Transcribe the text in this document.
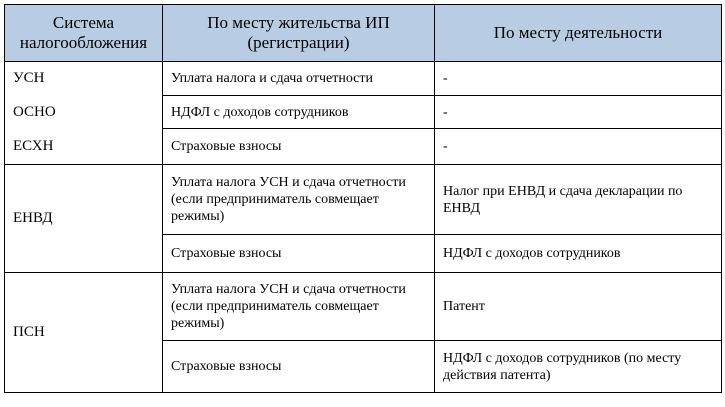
Система налогообложения	По месту жительства ИП (регистрации)	По месту деятельности
УСН	Уплата налога и сдача отчетности	-
ОСНО	НДФЛ с доходов сотрудников	-
ЕСХН	Страховые взносы	-
ЕНВД	Уплата налога УСН и сдача отчетности (если предприниматель совмещает режимы)	Налог при ЕНВД и сдача декларации по ЕНВД
	Страховые взносы	НДФЛ с доходов сотрудников
ПСН	Уплата налога УСН и сдача отчетности (если предприниматель совмещает режимы)	Патент
	Страховые взносы	НДФЛ с доходов сотрудников (по месту действия патента)
